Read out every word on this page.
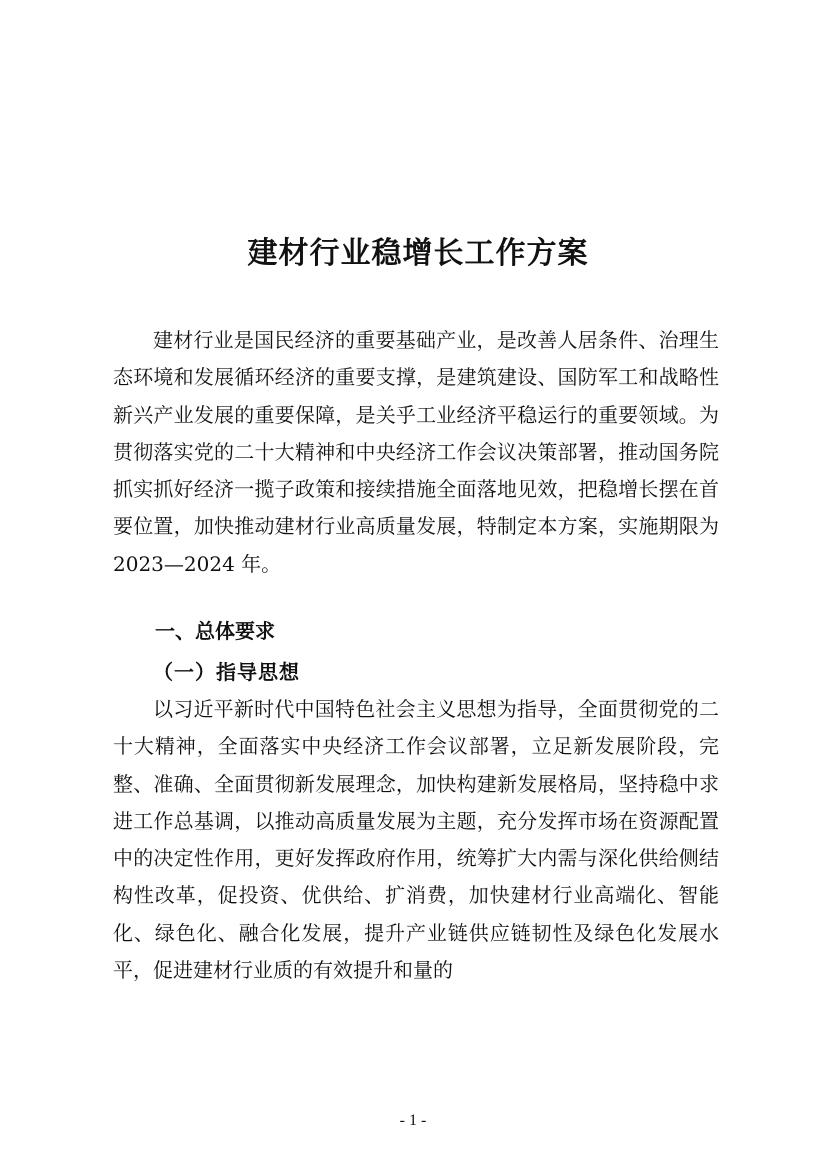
建材行业稳增长工作方案

建材行业是国民经济的重要基础产业，是改善人居条件、治理生态环境和发展循环经济的重要支撑，是建筑建设、国防军工和战略性新兴产业发展的重要保障，是关乎工业经济平稳运行的重要领域。为贯彻落实党的二十大精神和中央经济工作会议决策部署，推动国务院抓实抓好经济一揽子政策和接续措施全面落地见效，把稳增长摆在首要位置，加快推动建材行业高质量发展，特制定本方案，实施期限为 2023—2024 年。

一、总体要求
（一）指导思想

以习近平新时代中国特色社会主义思想为指导，全面贯彻党的二十大精神，全面落实中央经济工作会议部署，立足新发展阶段，完整、准确、全面贯彻新发展理念，加快构建新发展格局，坚持稳中求进工作总基调，以推动高质量发展为主题，充分发挥市场在资源配置中的决定性作用，更好发挥政府作用，统筹扩大内需与深化供给侧结构性改革，促投资、优供给、扩消费，加快建材行业高端化、智能化、绿色化、融合化发展，提升产业链供应链韧性及绿色化发展水平，促进建材行业质的有效提升和量的

- 1 -
